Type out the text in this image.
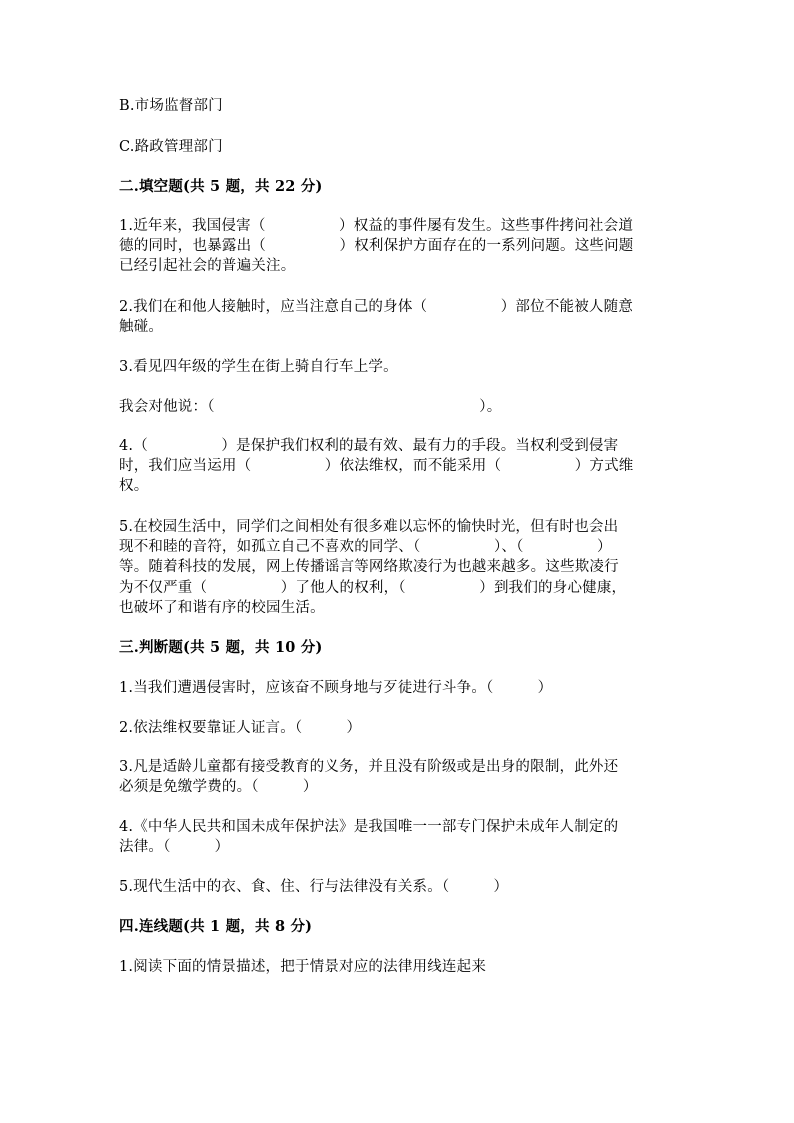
B.市场监督部门
C.路政管理部门
二.填空题(共 5 题，共 22 分)
1.近年来，我国侵害（　　　　　）权益的事件屡有发生。这些事件拷问社会道
德的同时，也暴露出（　　　　　）权利保护方面存在的一系列问题。这些问题
已经引起社会的普遍关注。
2.我们在和他人接触时，应当注意自己的身体（　　　　　）部位不能被人随意
触碰。
3.看见四年级的学生在街上骑自行车上学。
我会对他说：（　　　　　　　　　　　　　　　　　　）。
4.（　　　　　）是保护我们权利的最有效、最有力的手段。当权利受到侵害
时，我们应当运用（　　　　　）依法维权，而不能采用（　　　　　）方式维
权。
5.在校园生活中，同学们之间相处有很多难以忘怀的愉快时光，但有时也会出
现不和睦的音符，如孤立自己不喜欢的同学、（　　　　　）、（　　　　　）
等。随着科技的发展，网上传播谣言等网络欺凌行为也越来越多。这些欺凌行
为不仅严重（　　　　　）了他人的权利，（　　　　　）到我们的身心健康，
也破坏了和谐有序的校园生活。
三.判断题(共 5 题，共 10 分)
1.当我们遭遇侵害时，应该奋不顾身地与歹徒进行斗争。（　　　）
2.依法维权要靠证人证言。（　　　）
3.凡是适龄儿童都有接受教育的义务，并且没有阶级或是出身的限制，此外还
必须是免缴学费的。（　　　）
4.《中华人民共和国未成年保护法》是我国唯一一部专门保护未成年人制定的
法律。（　　　）
5.现代生活中的衣、食、住、行与法律没有关系。（　　　）
四.连线题(共 1 题，共 8 分)
1.阅读下面的情景描述，把于情景对应的法律用线连起来
